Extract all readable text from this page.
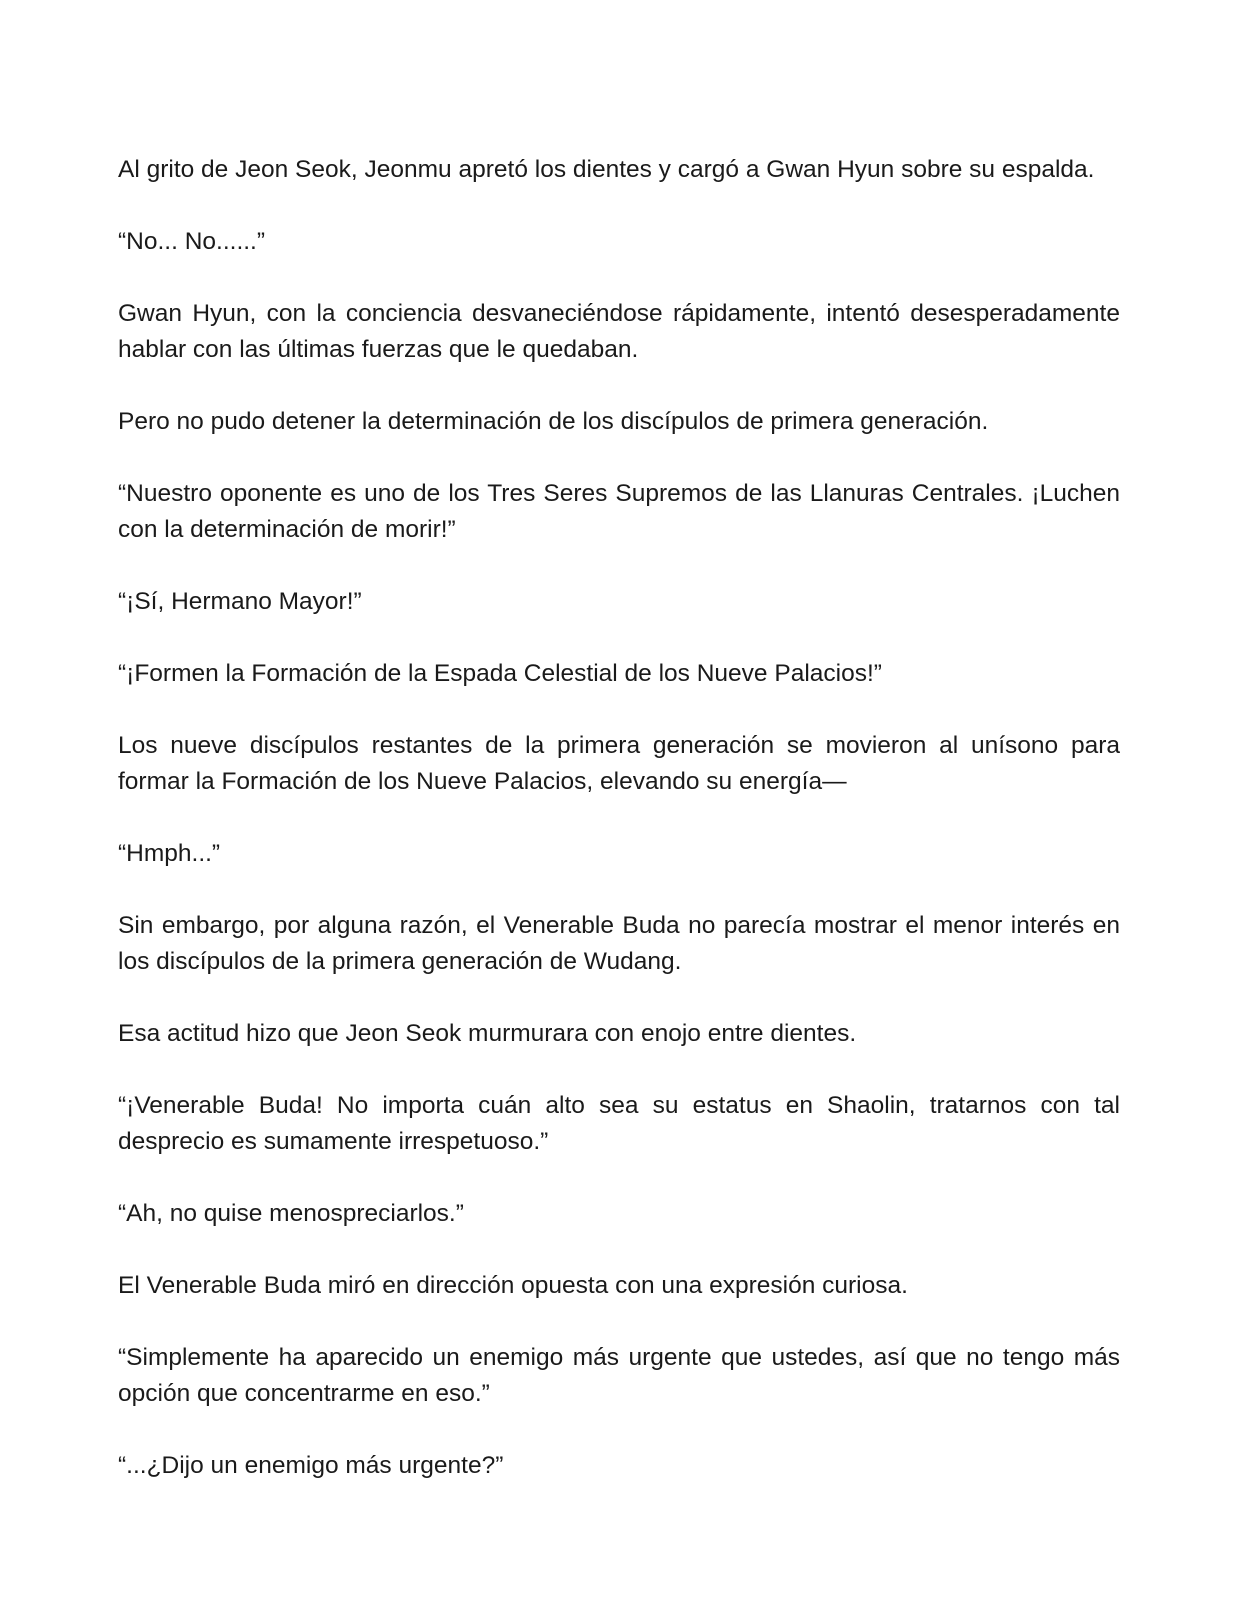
Al grito de Jeon Seok, Jeonmu apretó los dientes y cargó a Gwan Hyun sobre su espalda.

“No... No......”

Gwan Hyun, con la conciencia desvaneciéndose rápidamente, intentó desesperadamente hablar con las últimas fuerzas que le quedaban.

Pero no pudo detener la determinación de los discípulos de primera generación.

“Nuestro oponente es uno de los Tres Seres Supremos de las Llanuras Centrales. ¡Luchen con la determinación de morir!”

“¡Sí, Hermano Mayor!”

“¡Formen la Formación de la Espada Celestial de los Nueve Palacios!”

Los nueve discípulos restantes de la primera generación se movieron al unísono para formar la Formación de los Nueve Palacios, elevando su energía—

“Hmph...”

Sin embargo, por alguna razón, el Venerable Buda no parecía mostrar el menor interés en los discípulos de la primera generación de Wudang.

Esa actitud hizo que Jeon Seok murmurara con enojo entre dientes.

“¡Venerable Buda! No importa cuán alto sea su estatus en Shaolin, tratarnos con tal desprecio es sumamente irrespetuoso.”

“Ah, no quise menospreciarlos.”

El Venerable Buda miró en dirección opuesta con una expresión curiosa.

“Simplemente ha aparecido un enemigo más urgente que ustedes, así que no tengo más opción que concentrarme en eso.”

“...¿Dijo un enemigo más urgente?”
